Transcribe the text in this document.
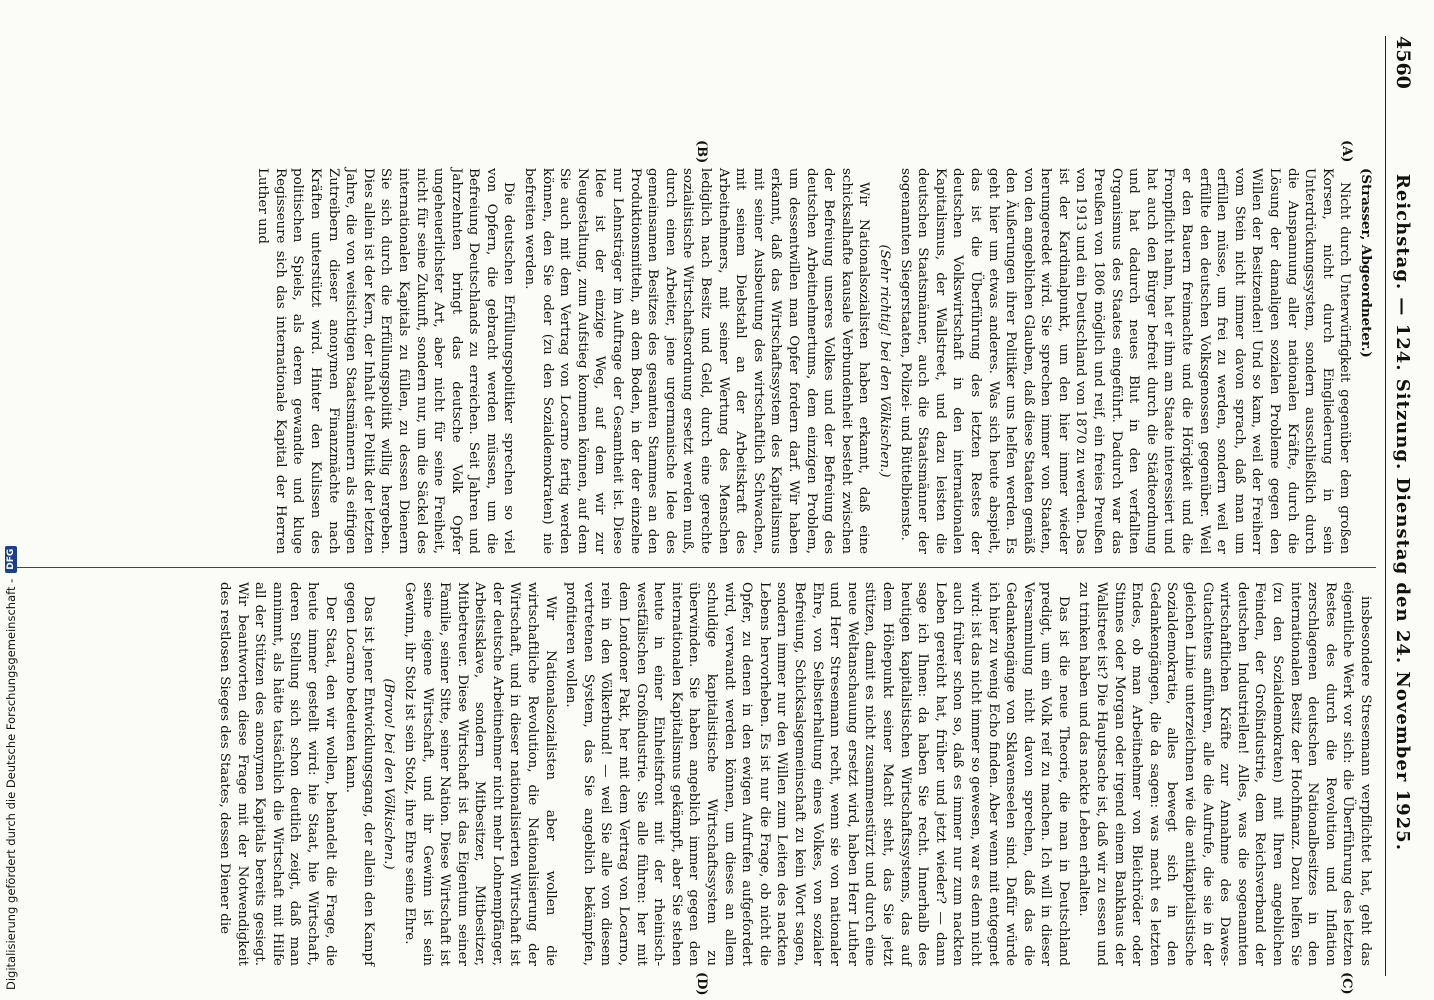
4560
Reichstag. — 124. Sitzung. Dienstag den 24. November 1925.
(A)
(B)
(C)
(D)

(Strasser, Abgeordneter.)

Nicht durch Unterwürfigkeit gegenüber dem großen Korsen, nicht durch Eingliederung in sein Unterdrückungssystem, sondern ausschließlich durch die Anspannung aller nationalen Kräfte, durch die Lösung der damaligen sozialen Probleme gegen den Willen der Besitzenden! Und so kam, weil der Freiherr vom Stein nicht immer davon sprach, daß man um erfüllen müsse, um frei zu werden, sondern weil er erfüllte den deutschen Volksgenossen gegenüber. Weil er den Bauern freimachte und die Hörigkeit und die Fronpflicht nahm, hat er ihm am Staate interessiert und hat auch den Bürger befreit durch die Städteordnung und hat dadurch neues Blut in den verfallten Organismus des Staates eingeführt. Dadurch war das Preußen von 1806 möglich und reif, ein freies Preußen von 1913 und ein Deutschland von 1870 zu werden. Das ist der Kardinalpunkt, um den hier immer wieder herumgeredet wird. Sie sprechen immer von Staaten, von den angeblichen Glauben, daß diese Staaten gemäß den Äußerungen ihrer Politiker uns helfen werden. Es geht hier um etwas anderes. Was sich heute abspielt, das ist die Überführung des letzten Restes der deutschen Volkswirtschaft in den internationalen Kapitalismus, der Wallstreet, und dazu leisten die deutschen Staatsmänner, auch die Staatsmänner der sogenannten Siegerstaaten, Polizei- und Büttelbienste.

(Sehr richtig! bei den Völkischen.)

Wir Nationalsozialisten haben erkannt, daß eine schicksalhafte kausale Verbundenheit besteht zwischen der Befreiung unseres Volkes und der Befreiung des deutschen Arbeitnehmertums, dem einzigen Problem, um dessentwillen man Opfer fordern darf. Wir haben erkannt, daß das Wirtschaftssystem des Kapitalismus mit seiner Ausbeutung des wirtschaftlich Schwachen, mit seinem Diebstahl an der Arbeitskraft des Arbeitnehmers, mit seiner Wertung des Menschen lediglich nach Besitz und Geld, durch eine gerechte sozialistische Wirtschaftsordnung ersetzt werden muß, durch einen Arbeiter, jene urgermanische Idee des gemeinsamen Besitzes des gesamten Stammes an den Produktionsmitteln, an dem Boden, in der der einzelne nur Lehnsträger im Auftrage der Gesamtheit ist. Diese Idee ist der einzige Weg, auf dem wir zur Neugestaltung, zum Aufstieg kommen können, auf dem Sie auch mit dem Vertrag von Locarno fertig werden können, den Sie oder (zu den Sozialdemokraten) nie befreiten werden.

Die deutschen Erfüllungspolitiker sprechen so viel von Opfern, die gebracht werden müssen, um die Befreiung Deutschlands zu erreichen. Seit Jahren und Jahrzehnten bringt das deutsche Volk Opfer ungeheuerlichster Art, aber nicht für seine Freiheit, nicht für seine Zukunft, sondern nur, um die Säckel des internationalen Kapitals zu füllen, zu dessen Dienern Sie sich durch die Erfüllungspolitik willig hergeben. Dies allein ist der Kern, der Inhalt der Politik der letzten Jahre, die von weitsichtigen Staatsmännern als eifrigen Zutreibern dieser anonymen Finanzmächte nach Kräften unterstützt wird. Hinter den Kulissen des politischen Spiels, als deren gewandte und kluge Regisseure sich das internationale Kapital der Herren Luther und

insbesondere Stresemann verpflichtet hat, geht das eigentliche Werk vor sich: die Überführung des letzten Restes des durch die Revolution und Inflation zerschlagenen deutschen Nationalbesitzes in den internationalen Besitz der Hochfinanz. Dazu helfen Sie (zu den Sozialdemokraten) mit Ihren angeblichen Feinden, der Großindustrie, dem Reichsverband der deutschen Industriellen! Alles, was die sogenannten wirtschaftlichen Kräfte zur Annahme des Dawes-Gutachtens anführen, alle die Aufrufe, die sie in der gleichen Linie unterzeichnen wie die antikapitalistische Sozialdemokratie, alles bewegt sich in den Gedankengängen, die da sagen: was macht es letzten Endes, ob man Arbeitnehmer von Bleichröder oder Stinnes oder Morgan oder irgend einem Bankhaus der Wallstreet ist? Die Hauptsache ist, daß wir zu essen und zu trinken haben und das nackte Leben erhalten.

Das ist die neue Theorie, die man in Deutschland predigt, um ein Volk reif zu machen. Ich will in dieser Versammlung nicht davon sprechen, daß das die Gedankengänge von Sklavenseelen sind. Dafür würde ich hier zu wenig Echo finden. Aber wenn mit entgegnet wird: ist das nicht immer so gewesen, war es denn nicht auch früher schon so, daß es immer nur zum nackten Leben gereicht hat, früher und jetzt wieder? — dann sage ich Ihnen: da haben Sie recht. Innerhalb des heutigen kapitalistischen Wirtschaftssystems, das auf dem Höhepunkt seiner Macht steht, das Sie jetzt stützen, damit es nicht zusammenstürzt und durch eine neue Weltanschauung ersetzt wird, haben Herr Luther und Herr Stresemann recht, wenn sie von nationaler Ehre, von Selbsterhaltung eines Volkes, von sozialer Befreiung, Schicksalsgemeinschaft zu kein Wort sagen, sondern immer nur den Willen zum Leiten des nackten Lebens hervorheben. Es ist nur die Frage, ob nicht die Opfer, zu denen in den ewigen Aufrufen aufgefordert wird, verwandt werden können, um dieses an allem schuldige kapitalistische Wirtschaftssystem zu überwinden. Sie haben angeblich immer gegen den internationalen Kapitalismus gekämpft, aber Sie stehen heute in einer Einheitsfront mit der rheinisch-westfälischen Großindustrie. Sie alle führen: her mit dem Londoner Pakt, her mit dem Vertrag von Locarno, rein in den Völkerbund! — weil Sie alle von diesem vertretenen System, das Sie angeblich bekämpfen, profitieren wollen.

Wir Nationalsozialisten aber wollen die wirtschaftliche Revolution, die Nationalisierung der Wirtschaft, und in dieser nationalisierten Wirtschaft ist der deutsche Arbeitnehmer nicht mehr Lohnempfänger, Arbeitssklave, sondern Mitbesitzer, Mitbesitzer, Mitbetreuer. Diese Wirtschaft ist das Eigentum seiner Familie, seiner Sitte, seiner Nation. Diese Wirtschaft ist seine eigene Wirtschaft, und ihr Gewinn ist sein Gewinn, ihr Stolz ist sein Stolz, ihre Ehre seine Ehre.

(Bravo! bei den Völkischen.)

Das ist jener Entwicklungsgang, der allein den Kampf gegen Locarno bedeuten kann.

Der Staat, den wir wollen, behandelt die Frage, die heute immer gestellt wird: hie Staat, hie Wirtschaft, deren Stellung sich schon deutlich zeigt, daß man annimmt, als hätte tatsächlich die Wirtschaft mit Hilfe all der Stützen des anonymen Kapitals bereits gesiegt. Wir beantworten diese Frage mit der Notwendigkeit des restlosen Sieges des Staates, dessen Diener die

Digitalisierung gefördert durch die Deutsche Forschungsgemeinschaft -
DFG
